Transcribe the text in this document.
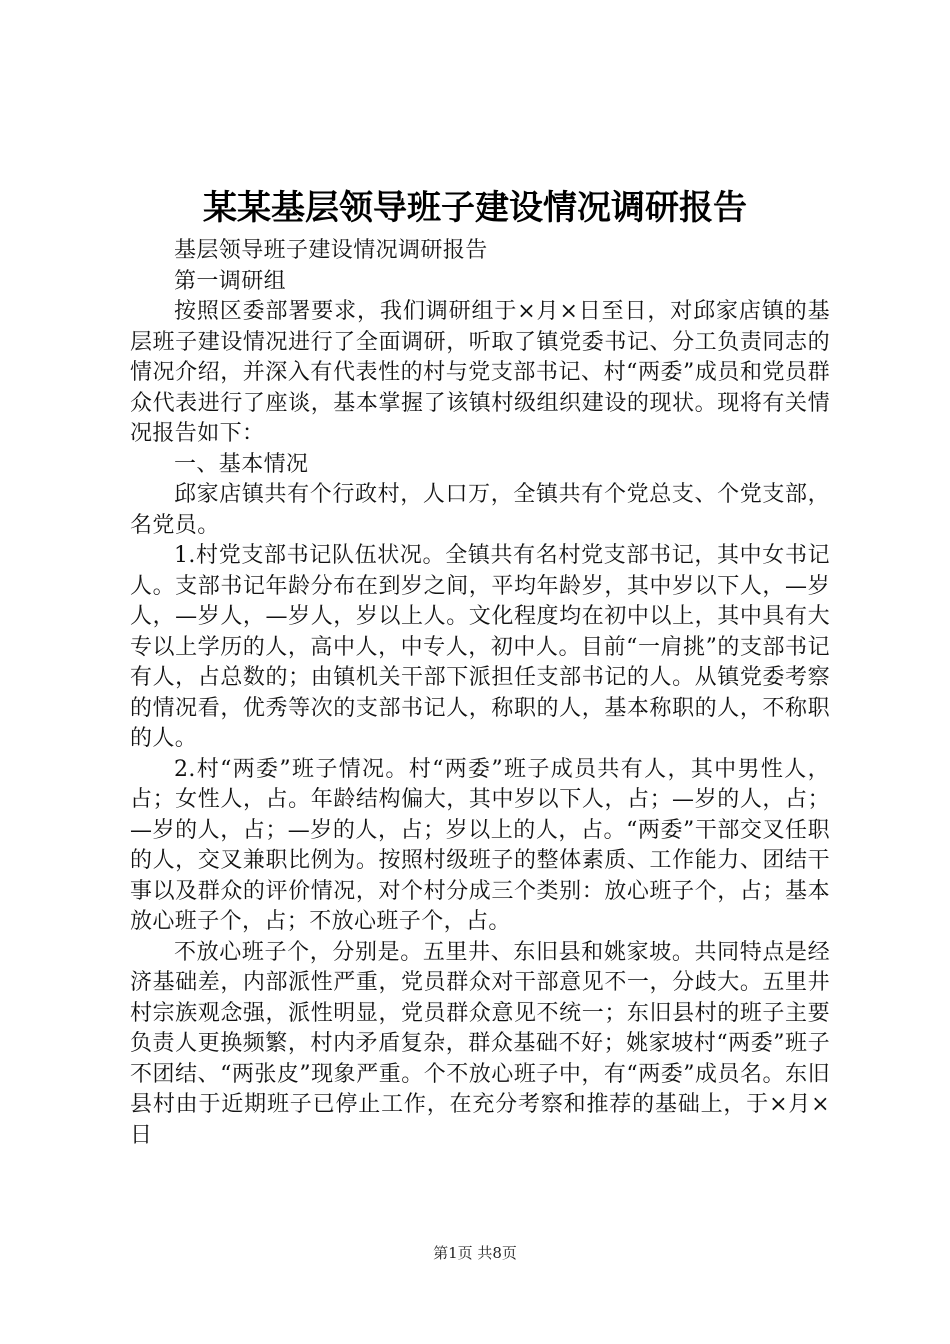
某某基层领导班子建设情况调研报告

基层领导班子建设情况调研报告

第一调研组

按照区委部署要求，我们调研组于×月×日至日，对邱家店镇的基层班子建设情况进行了全面调研，听取了镇党委书记、分工负责同志的情况介绍，并深入有代表性的村与党支部书记、村“两委”成员和党员群众代表进行了座谈，基本掌握了该镇村级组织建设的现状。现将有关情况报告如下：

一、基本情况

邱家店镇共有个行政村，人口万，全镇共有个党总支、个党支部，名党员。

1.村党支部书记队伍状况。全镇共有名村党支部书记，其中女书记人。支部书记年龄分布在到岁之间，平均年龄岁，其中岁以下人，—岁人，—岁人，—岁人，岁以上人。文化程度均在初中以上，其中具有大专以上学历的人，高中人，中专人，初中人。目前“一肩挑”的支部书记有人，占总数的；由镇机关干部下派担任支部书记的人。从镇党委考察的情况看，优秀等次的支部书记人，称职的人，基本称职的人，不称职的人。

2.村“两委”班子情况。村“两委”班子成员共有人，其中男性人，占；女性人，占。年龄结构偏大，其中岁以下人，占；—岁的人，占；—岁的人，占；—岁的人，占；岁以上的人，占。“两委”干部交叉任职的人，交叉兼职比例为。按照村级班子的整体素质、工作能力、团结干事以及群众的评价情况，对个村分成三个类别：放心班子个，占；基本放心班子个，占；不放心班子个，占。

不放心班子个，分别是。五里井、东旧县和姚家坡。共同特点是经济基础差，内部派性严重，党员群众对干部意见不一，分歧大。五里井村宗族观念强，派性明显，党员群众意见不统一；东旧县村的班子主要负责人更换频繁，村内矛盾复杂，群众基础不好；姚家坡村“两委”班子不团结、“两张皮”现象严重。个不放心班子中，有“两委”成员名。东旧县村由于近期班子已停止工作，在充分考察和推荐的基础上，于×月×日

第1页 共8页
